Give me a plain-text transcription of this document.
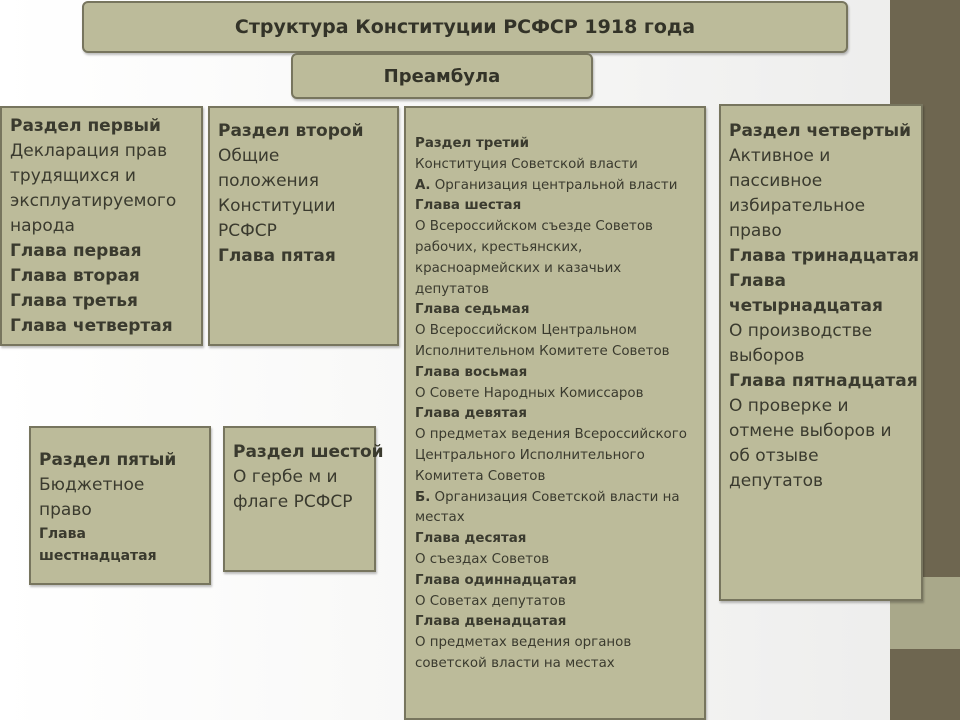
Структура Конституции РСФСР 1918 года
Преамбула
Раздел первый
Декларация прав
трудящихся и
эксплуатируемого
народа
Глава первая
Глава вторая
Глава третья
Глава четвертая
Раздел второй
Общие
положения
Конституции
РСФСР
Глава пятая
Раздел третий
Конституция Советской власти
А. Организация центральной власти
Глава шестая
О Всероссийском съезде Советов
рабочих, крестьянских,
красноармейских и казачьих
депутатов
Глава седьмая
О Всероссийском Центральном
Исполнительном Комитете Советов
Глава восьмая
О Совете Народных Комиссаров
Глава девятая
О предметах ведения Всероссийского
Центрального Исполнительного
Комитета Советов
Б. Организация Советской власти на
местах
Глава десятая
О съездах Советов
Глава одиннадцатая
О Советах депутатов
Глава двенадцатая
О предметах ведения органов
советской власти на местах
Раздел четвертый
Активное и
пассивное
избирательное
право
Глава тринадцатая
Глава
четырнадцатая
О производстве
выборов
Глава пятнадцатая
О проверке и
отмене выборов и
об отзыве
депутатов
Раздел пятый
Бюджетное
право
Глава
шестнадцатая
Раздел шестой
О гербе м и
флаге РСФСР
